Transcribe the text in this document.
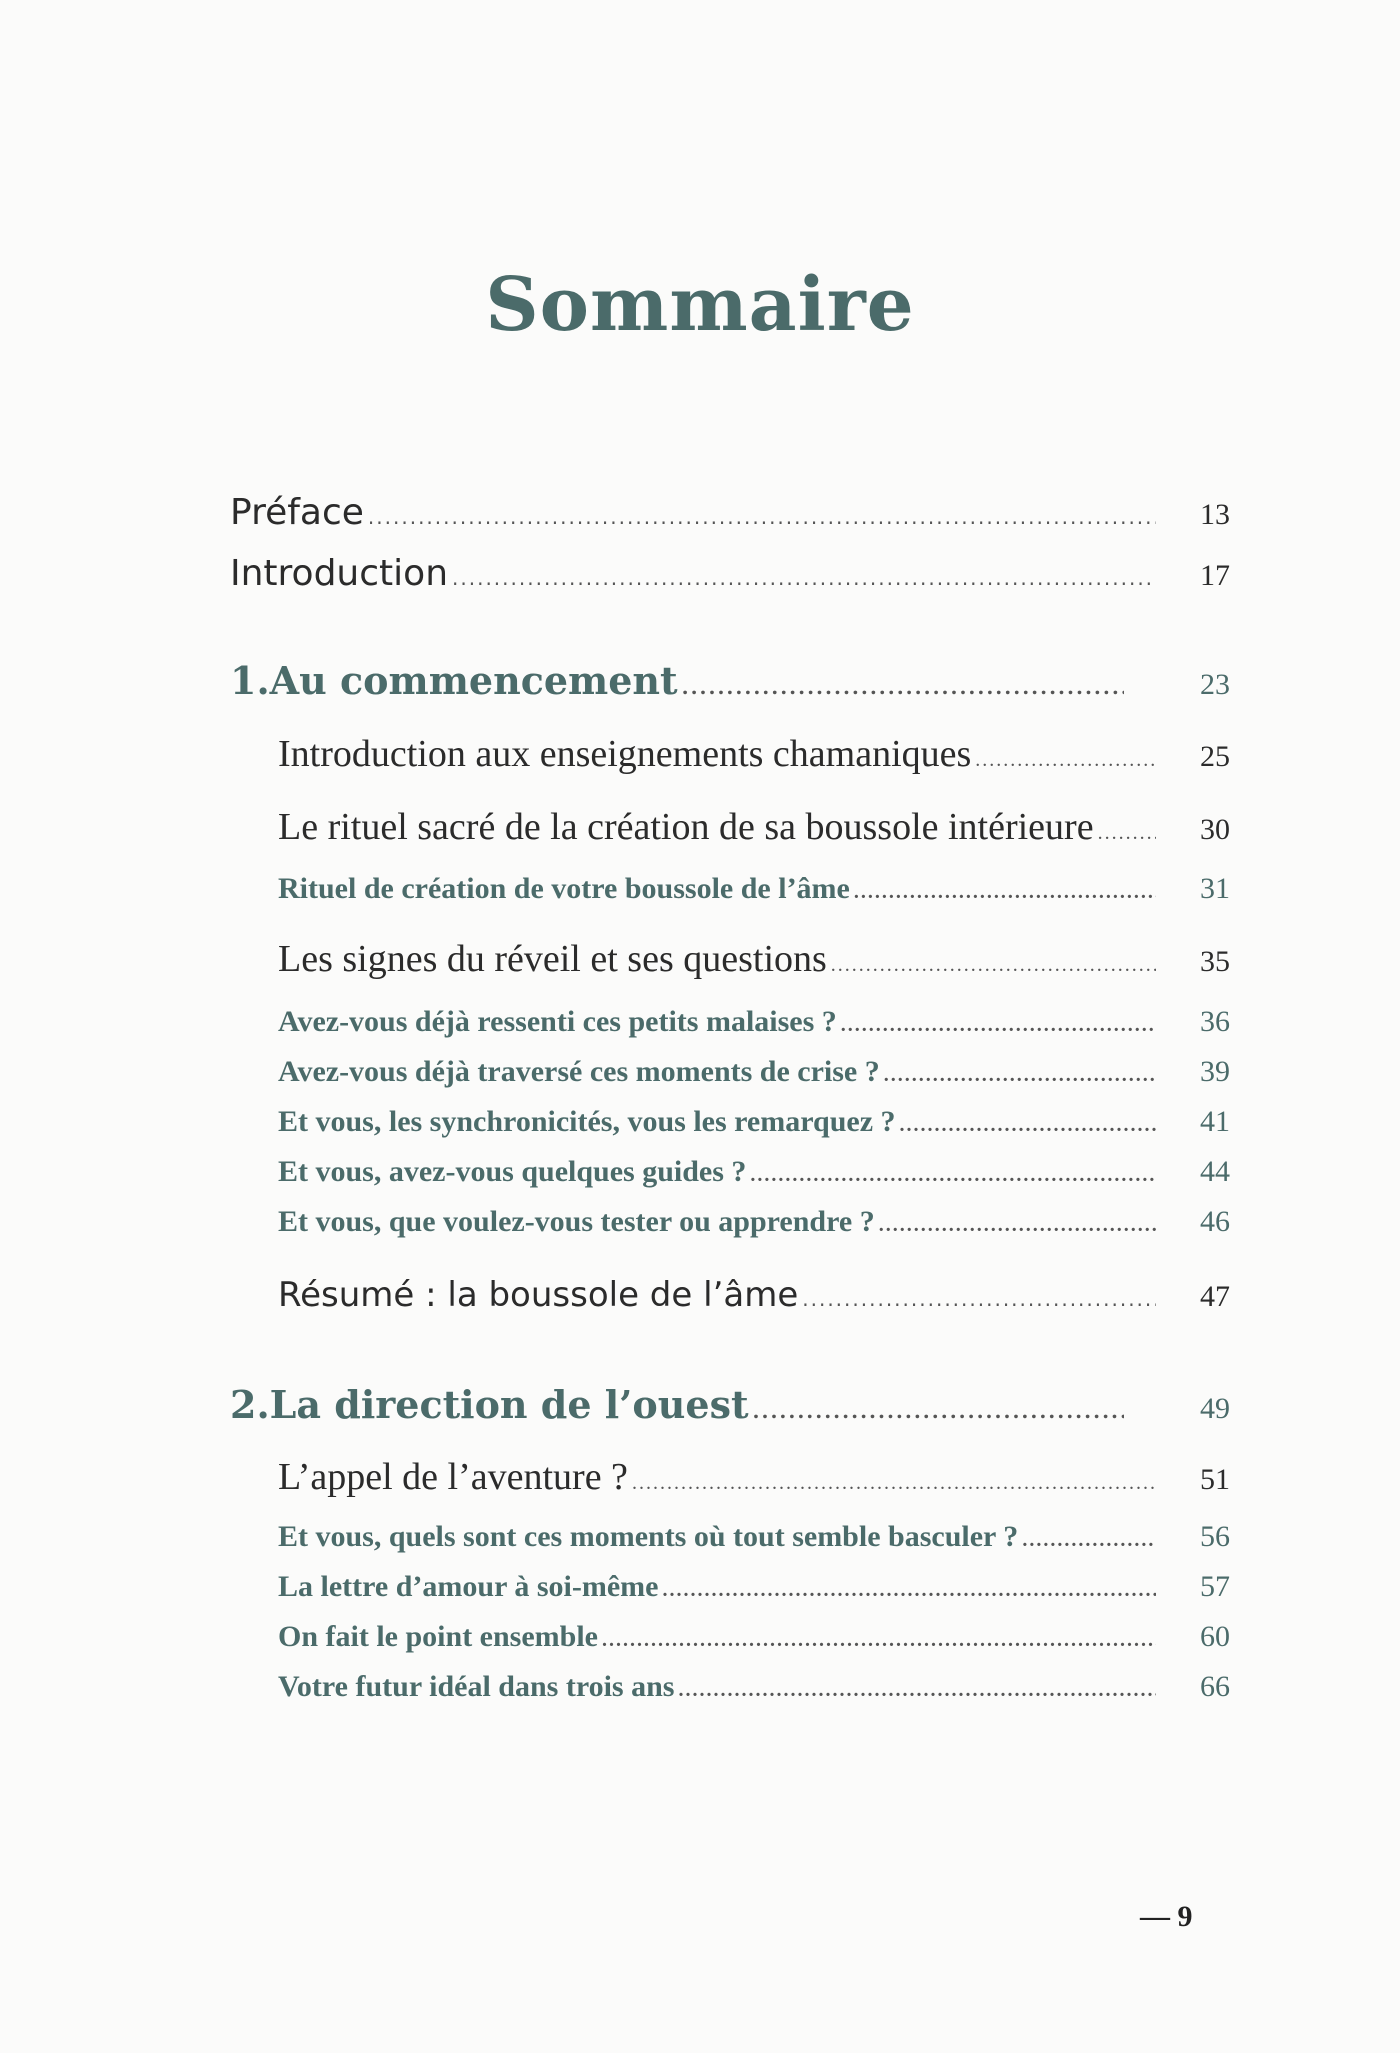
Sommaire
Préface .....	13
Introduction .....	17
1. Au commencement .....	23
Introduction aux enseignements chamaniques .....	25
Le rituel sacré de la création de sa boussole intérieure .....	30
Rituel de création de votre boussole de l’âme .....	31
Les signes du réveil et ses questions .....	35
Avez-vous déjà ressenti ces petits malaises ? .....	36
Avez-vous déjà traversé ces moments de crise ? .....	39
Et vous, les synchronicités, vous les remarquez ? .....	41
Et vous, avez-vous quelques guides ? .....	44
Et vous, que voulez-vous tester ou apprendre ? .....	46
Résumé : la boussole de l’âme .....	47
2. La direction de l’ouest .....	49
L’appel de l’aventure ? .....	51
Et vous, quels sont ces moments où tout semble basculer ? .....	56
La lettre d’amour à soi-même .....	57
On fait le point ensemble .....	60
Votre futur idéal dans trois ans .....	66
— 9
